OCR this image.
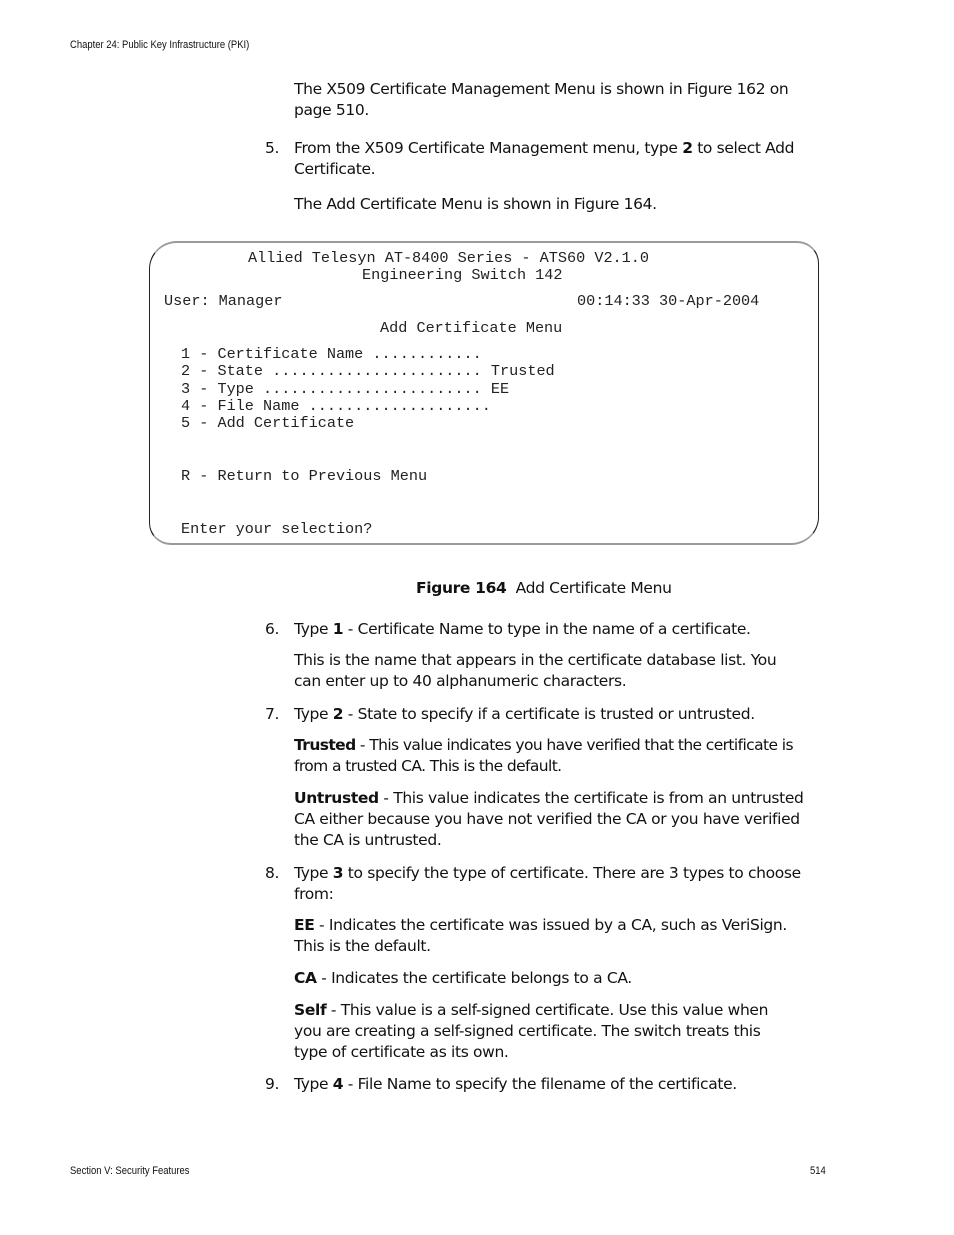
Chapter 24: Public Key Infrastructure (PKI)

The X509 Certificate Management Menu is shown in Figure 162 on page 510.

5. From the X509 Certificate Management menu, type 2 to select Add Certificate.

The Add Certificate Menu is shown in Figure 164.

Allied Telesyn AT-8400 Series - ATS60 V2.1.0
Engineering Switch 142
User: Manager	00:14:33 30-Apr-2004
Add Certificate Menu
1 - Certificate Name ............
2 - State ....................... Trusted
3 - Type ........................ EE
4 - File Name ....................
5 - Add Certificate
R - Return to Previous Menu
Enter your selection?
Figure 164 Add Certificate Menu
6. Type 1 - Certificate Name to type in the name of a certificate.

This is the name that appears in the certificate database list. You can enter up to 40 alphanumeric characters.

7. Type 2 - State to specify if a certificate is trusted or untrusted.

Trusted - This value indicates you have verified that the certificate is from a trusted CA. This is the default.

Untrusted - This value indicates the certificate is from an untrusted CA either because you have not verified the CA or you have verified the CA is untrusted.

8. Type 3 to specify the type of certificate. There are 3 types to choose from:

EE - Indicates the certificate was issued by a CA, such as VeriSign. This is the default.

CA - Indicates the certificate belongs to a CA.

Self - This value is a self-signed certificate. Use this value when you are creating a self-signed certificate. The switch treats this type of certificate as its own.

9. Type 4 - File Name to specify the filename of the certificate.
Section V: Security Features	514
